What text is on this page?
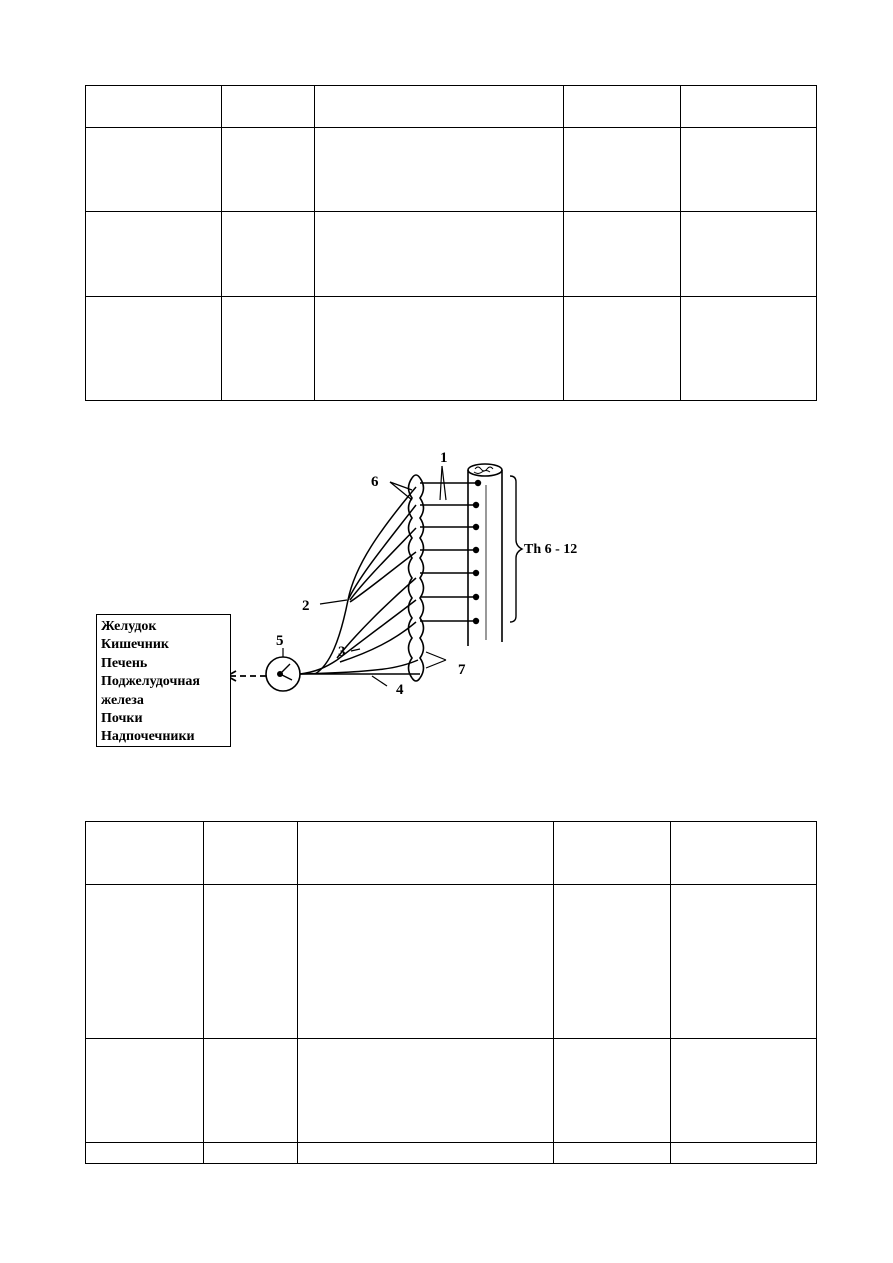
1
6
2
3
5
4
7
Th 6 - 12
Желудок
Кишечник
Печень
Поджелудочная
железа
Почки
Надпочечники
